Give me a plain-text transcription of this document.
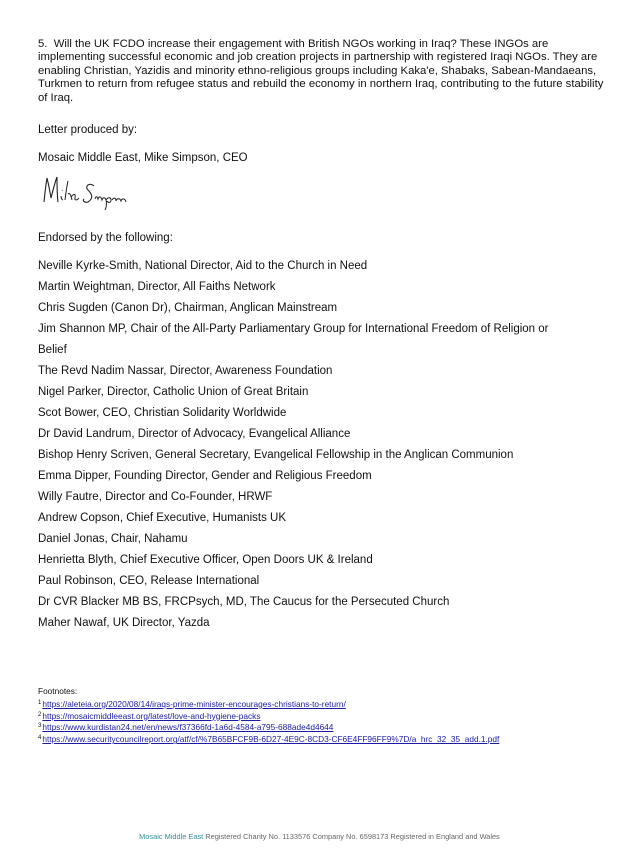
5. Will the UK FCDO increase their engagement with British NGOs working in Iraq? These INGOs are implementing successful economic and job creation projects in partnership with registered Iraqi NGOs. They are enabling Christian, Yazidis and minority ethno-religious groups including Kaka'e, Shabaks, Sabean-Mandaeans, Turkmen to return from refugee status and rebuild the economy in northern Iraq, contributing to the future stability of Iraq.

Letter produced by:

Mosaic Middle East, Mike Simpson, CEO

Endorsed by the following:

Neville Kyrke-Smith, National Director, Aid to the Church in Need
Martin Weightman, Director, All Faiths Network
Chris Sugden (Canon Dr), Chairman, Anglican Mainstream
Jim Shannon MP, Chair of the All-Party Parliamentary Group for International Freedom of Religion or
Belief
The Revd Nadim Nassar, Director, Awareness Foundation
Nigel Parker, Director, Catholic Union of Great Britain
Scot Bower, CEO, Christian Solidarity Worldwide
Dr David Landrum, Director of Advocacy, Evangelical Alliance
Bishop Henry Scriven, General Secretary, Evangelical Fellowship in the Anglican Communion
Emma Dipper, Founding Director, Gender and Religious Freedom
Willy Fautre, Director and Co-Founder, HRWF
Andrew Copson, Chief Executive, Humanists UK
Daniel Jonas, Chair, Nahamu
Henrietta Blyth, Chief Executive Officer, Open Doors UK & Ireland
Paul Robinson, CEO, Release International
Dr CVR Blacker MB BS, FRCPsych, MD, The Caucus for the Persecuted Church
Maher Nawaf, UK Director, Yazda
Footnotes:
$^1$https://aleteia.org/2020/08/14/iraqs-prime-minister-encourages-christians-to-return/
$^2$https://mosaicmiddleeast.org/latest/love-and-hygiene-packs
$^3$https://www.kurdistan24.net/en/news/f37366fd-1a6d-4584-a795-688ade4d4644
$^4$https://www.securitycouncilreport.org/atf/cf/%7B65BFCF9B-6D27-4E9C-8CD3-CF6E4FF96FF9%7D/a_hrc_32_35_add.1.pdf
Mosaic Middle East Registered Charity No. 1133576 Company No. 6598173 Registered in England and Wales
